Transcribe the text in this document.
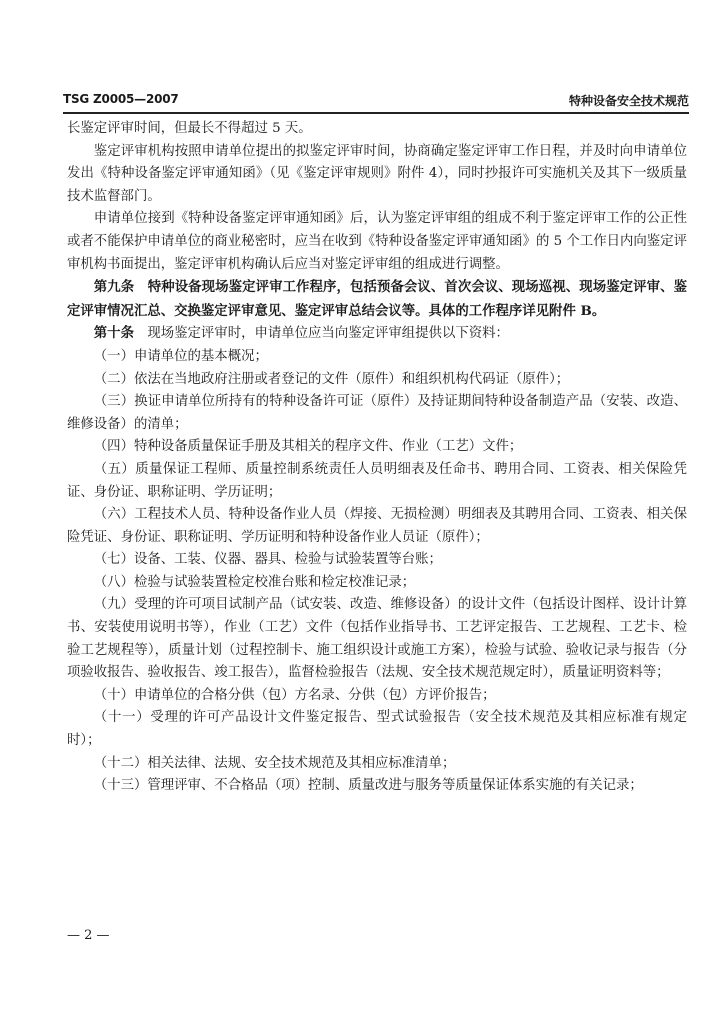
TSG Z0005—2007	特种设备安全技术规范

长鉴定评审时间，但最长不得超过 5 天。

鉴定评审机构按照申请单位提出的拟鉴定评审时间，协商确定鉴定评审工作日程，并及时向申请单位发出《特种设备鉴定评审通知函》（见《鉴定评审规则》附件 4），同时抄报许可实施机关及其下一级质量技术监督部门。

申请单位接到《特种设备鉴定评审通知函》后，认为鉴定评审组的组成不利于鉴定评审工作的公正性或者不能保护申请单位的商业秘密时，应当在收到《特种设备鉴定评审通知函》的 5 个工作日内向鉴定评审机构书面提出，鉴定评审机构确认后应当对鉴定评审组的组成进行调整。

第九条　 特种设备现场鉴定评审工作程序，包括预备会议、首次会议、现场巡视、现场鉴定评审、鉴定评审情况汇总、交换鉴定评审意见、鉴定评审总结会议等。具体的工作程序详见附件 B。

第十条　 现场鉴定评审时，申请单位应当向鉴定评审组提供以下资料：

（一）申请单位的基本概况；

（二）依法在当地政府注册或者登记的文件（原件）和组织机构代码证（原件）；

（三）换证申请单位所持有的特种设备许可证（原件）及持证期间特种设备制造产品（安装、改造、维修设备）的清单；

（四）特种设备质量保证手册及其相关的程序文件、作业（工艺）文件；

（五）质量保证工程师、质量控制系统责任人员明细表及任命书、聘用合同、工资表、相关保险凭证、身份证、职称证明、学历证明；

（六）工程技术人员、特种设备作业人员（焊接、无损检测）明细表及其聘用合同、工资表、相关保险凭证、身份证、职称证明、学历证明和特种设备作业人员证（原件）；

（七）设备、工装、仪器、器具、检验与试验装置等台账；

（八）检验与试验装置检定校准台账和检定校准记录；

（九）受理的许可项目试制产品（试安装、改造、维修设备）的设计文件（包括设计图样、设计计算书、安装使用说明书等），作业（工艺）文件（包括作业指导书、工艺评定报告、工艺规程、工艺卡、检验工艺规程等），质量计划（过程控制卡、施工组织设计或施工方案），检验与试验、验收记录与报告（分项验收报告、验收报告、竣工报告），监督检验报告（法规、安全技术规范规定时），质量证明资料等；

（十）申请单位的合格分供（包）方名录、分供（包）方评价报告；

（十一）受理的许可产品设计文件鉴定报告、型式试验报告（安全技术规范及其相应标准有规定时）；

（十二）相关法律、法规、安全技术规范及其相应标准清单；

（十三）管理评审、不合格品（项）控制、质量改进与服务等质量保证体系实施的有关记录；

— 2 —
